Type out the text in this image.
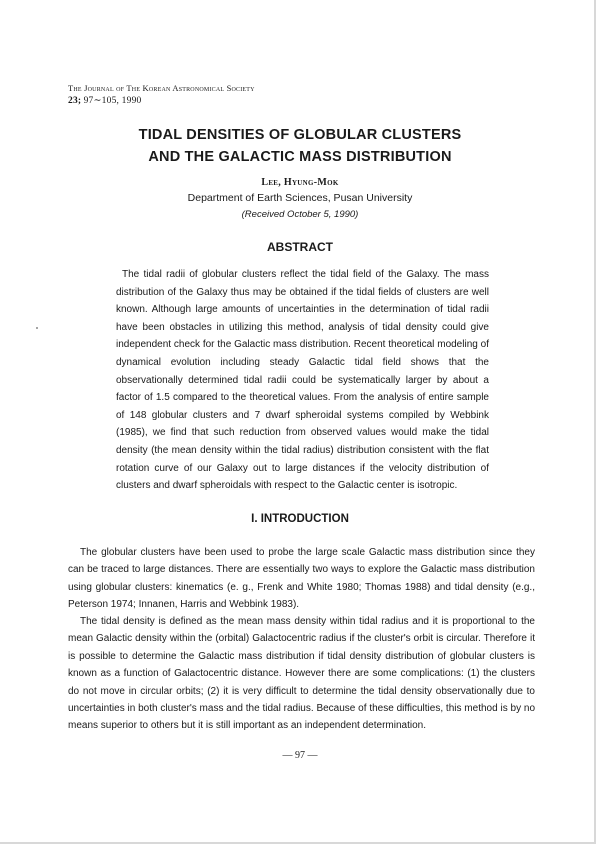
The Journal of The Korean Astronomical Society
23; 97∼105, 1990
TIDAL DENSITIES OF GLOBULAR CLUSTERS
AND THE GALACTIC MASS DISTRIBUTION
Lee, Hyung-Mok
Department of Earth Sciences, Pusan University
(Received October 5, 1990)
ABSTRACT

The tidal radii of globular clusters reflect the tidal field of the Galaxy. The mass distribution of the Galaxy thus may be obtained if the tidal fields of clusters are well known. Although large amounts of uncertainties in the determination of tidal radii have been obstacles in utilizing this method, analysis of tidal density could give independent check for the Galactic mass distribution. Recent theoretical modeling of dynamical evolution including steady Galactic tidal field shows that the observationally determined tidal radii could be systematically larger by about a factor of 1.5 compared to the theoretical values. From the analysis of entire sample of 148 globular clusters and 7 dwarf spheroidal systems compiled by Webbink (1985), we find that such reduction from observed values would make the tidal density (the mean density within the tidal radius) distribution consistent with the flat rotation curve of our Galaxy out to large distances if the velocity distribution of clusters and dwarf spheroidals with respect to the Galactic center is isotropic.

I. INTRODUCTION

The globular clusters have been used to probe the large scale Galactic mass distribution since they can be traced to large distances. There are essentially two ways to explore the Galactic mass distribution using globular clusters: kinematics (e. g., Frenk and White 1980; Thomas 1988) and tidal density (e.g., Peterson 1974; Innanen, Harris and Webbink 1983).

The tidal density is defined as the mean mass density within tidal radius and it is proportional to the mean Galactic density within the (orbital) Galactocentric radius if the cluster's orbit is circular. Therefore it is possible to determine the Galactic mass distribution if tidal density distribution of globular clusters is known as a function of Galactocentric distance. However there are some complications: (1) the clusters do not move in circular orbits; (2) it is very difficult to determine the tidal density observationally due to uncertainties in both cluster's mass and the tidal radius. Because of these difficulties, this method is by no means superior to others but it is still important as an independent determination.

— 97 —
